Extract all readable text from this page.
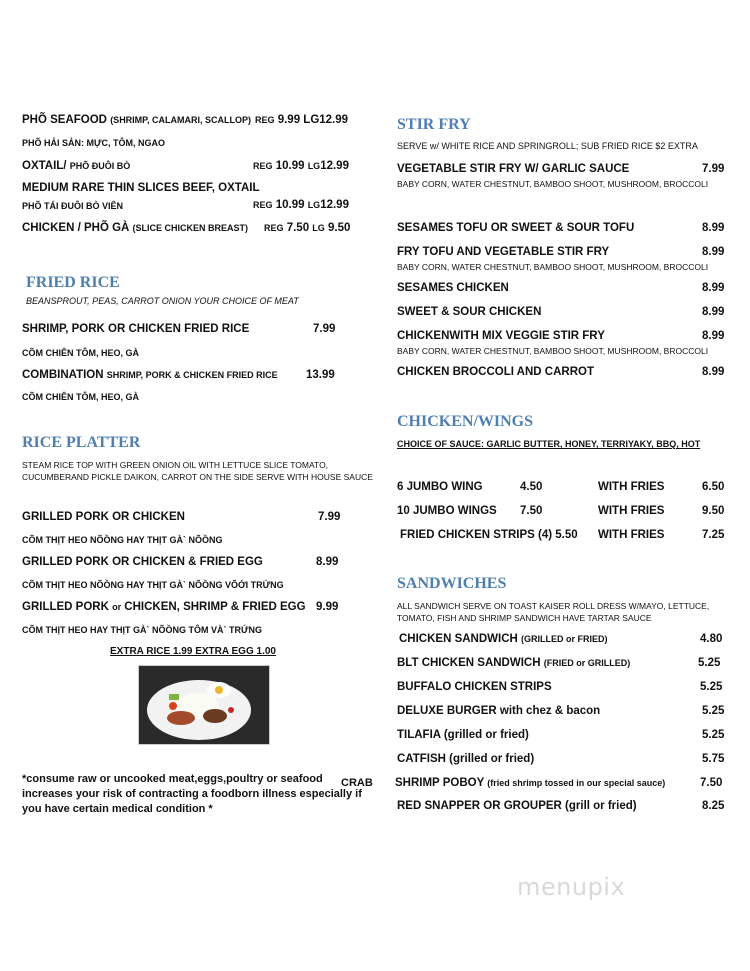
PHÕ SEAFOOD (SHRIMP, CALAMARI, SCALLOP) REG 9.99 LG12.99
PHÕ HẢI SẢN: MỰC, TÔM, NGAO
OXTAIL/ PHÕ ĐUÔI BÒ	REG 10.99 LG12.99
MEDIUM RARE THIN SLICES BEEF, OXTAIL
PHÕ TÁI ĐUÔI BÒ VIÊN	REG 10.99 LG12.99
CHICKEN / PHÕ GÀ (SLICE CHICKEN BREAST) REG 7.50 LG 9.50
FRIED RICE
BEANSPROUT, PEAS, CARROT ONION YOUR CHOICE OF MEAT
SHRIMP, PORK OR CHICKEN FRIED RICE	7.99
CÕM CHIÊN TÔM, HEO, GÀ
COMBINATION SHRIMP, PORK & CHICKEN FRIED RICE 13.99
CÕM CHIÊN TÔM, HEO, GÀ
RICE PLATTER
STEAM RICE TOP WITH GREEN ONION OIL WITH LETTUCE SLICE TOMATO,
CUCUMBERAND PICKLE DAIKON, CARROT ON THE SIDE SERVE WITH HOUSE SAUCE
GRILLED PORK OR CHICKEN	7.99
CÕM THỊT HEO NÕỒNG HAY THỊT GÀ` NÕỒNG
GRILLED PORK OR CHICKEN & FRIED EGG	8.99
CÕM THỊT HEO NÕỒNG HAY THỊT GÀ` NÕỒNG VÕỚI TRỨNG
GRILLED PORK or CHICKEN, SHRIMP & FRIED EGG 9.99
CÕM THỊT HEO HAY THỊT GÀ` NÕỒNG TÔM VÀ` TRỨNG
EXTRA RICE 1.99 EXTRA EGG 1.00
*consume raw or uncooked meat,eggs,poultry or seafood
increases your risk of contracting a foodborn illness especially if
you have certain medical condition *
CRAB
STIR FRY
SERVE w/ WHITE RICE AND SPRINGROLL; SUB FRIED RICE $2 EXTRA
VEGETABLE STIR FRY W/ GARLIC SAUCE	7.99
BABY CORN, WATER CHESTNUT, BAMBOO SHOOT, MUSHROOM, BROCCOLI
SESAMES TOFU OR SWEET & SOUR TOFU	8.99
FRY TOFU AND VEGETABLE STIR FRY	8.99
BABY CORN, WATER CHESTNUT, BAMBOO SHOOT, MUSHROOM, BROCCOLI
SESAMES CHICKEN	8.99
SWEET & SOUR CHICKEN	8.99
CHICKENWITH MIX VEGGIE STIR FRY	8.99
BABY CORN, WATER CHESTNUT, BAMBOO SHOOT, MUSHROOM, BROCCOLI
CHICKEN BROCCOLI AND CARROT	8.99
CHICKEN/WINGS
CHOICE OF SAUCE: GARLIC BUTTER, HONEY, TERRIYAKY, BBQ, HOT
6 JUMBO WING	4.50	WITH FRIES	6.50
10 JUMBO WINGS 7.50	WITH FRIES	9.50
FRIED CHICKEN STRIPS (4) 5.50 WITH FRIES	7.25
SANDWICHES
ALL SANDWICH SERVE ON TOAST KAISER ROLL DRESS W/MAYO, LETTUCE,
TOMATO, FISH AND SHRIMP SANDWICH HAVE TARTAR SAUCE
CHICKEN SANDWICH (GRILLED or FRIED)	4.80
BLT CHICKEN SANDWICH (FRIED or GRILLED)	5.25
BUFFALO CHICKEN STRIPS	5.25
DELUXE BURGER with chez & bacon	5.25
TILAFIA (grilled or fried)	5.25
CATFISH (grilled or fried)	5.75
SHRIMP POBOY (fried shrimp tossed in our special sauce)	7.50
RED SNAPPER OR GROUPER (grill or fried)	8.25
menupix
